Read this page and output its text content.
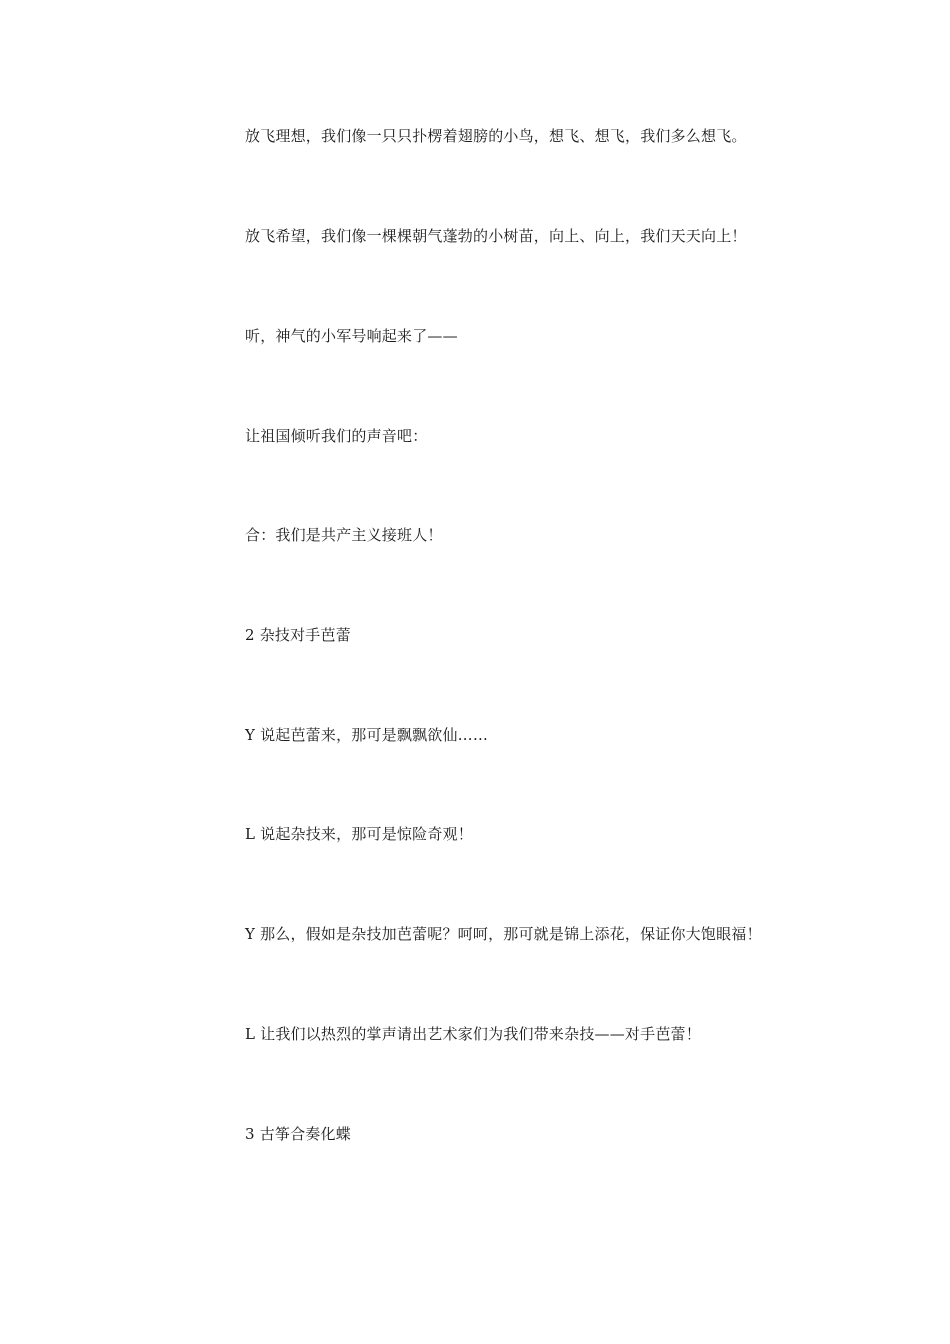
放飞理想，我们像一只只扑楞着翅膀的小鸟，想飞、想飞，我们多么想飞。

放飞希望，我们像一棵棵朝气蓬勃的小树苗，向上、向上，我们天天向上！

听，神气的小军号响起来了——

让祖国倾听我们的声音吧：

合：我们是共产主义接班人！

2 杂技对手芭蕾

Y 说起芭蕾来，那可是飘飘欲仙……

L 说起杂技来，那可是惊险奇观！

Y 那么，假如是杂技加芭蕾呢？呵呵，那可就是锦上添花，保证你大饱眼福！

L 让我们以热烈的掌声请出艺术家们为我们带来杂技——对手芭蕾！

3 古筝合奏化蝶
